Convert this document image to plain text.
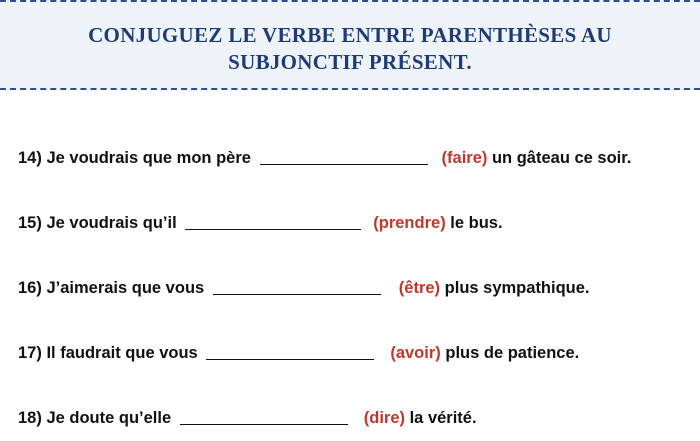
CONJUGUEZ LE VERBE ENTRE PARENTHÈSES AU
SUBJONCTIF PRÉSENT.
14) Je voudrais que mon père	(faire) un gâteau ce soir.
15) Je voudrais qu’il	(prendre) le bus.
16) J’aimerais que vous	(être) plus sympathique.
17) Il faudrait que vous	(avoir) plus de patience.
18) Je doute qu’elle	(dire) la vérité.
